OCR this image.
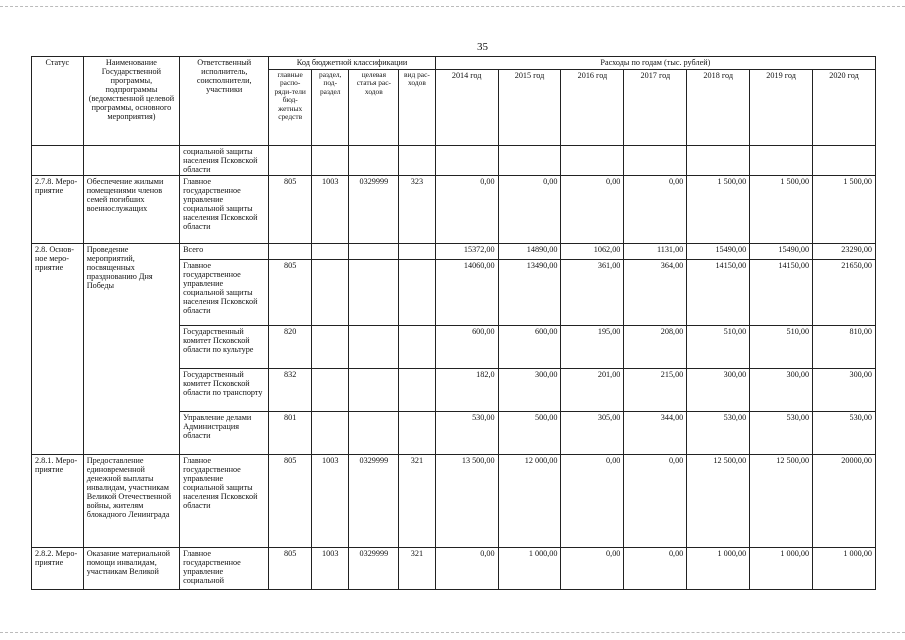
35
Статус	Наименование Государственной программы, подпрограммы (ведомственной целевой программы, основного мероприятия)	Ответственный исполнитель, соисполнители, участники	Код бюджетной классификации				Расходы по годам (тыс. рублей)						
			главные распо-ряди-тели бюд-жетных средств	раздел, под-раздел	целевая статья рас-ходов	вид рас-ходов	2014 год	2015 год	2016 год	2017 год	2018 год	2019 год	2020 год
		социальной защиты населения Псковской области											
2.7.8. Меро-приятие	Обеспечение жилыми помещениями членов семей погибших военнослужащих	Главное государственное управление социальной защиты населения Псковской области	805	1003	0329999	323	0,00	0,00	0,00	0,00	1 500,00	1 500,00	1 500,00
2.8. Основ-ное меро-приятие	Проведение мероприятий, посвященных празднованию Дня Победы	Всего					15372,00	14890,00	1062,00	1131,00	15490,00	15490,00	23290,00
		Главное государственное управление социальной защиты населения Псковской области	805				14060,00	13490,00	361,00	364,00	14150,00	14150,00	21650,00
		Государственный комитет Псковской области по культуре	820				600,00	600,00	195,00	208,00	510,00	510,00	810,00
		Государственный комитет Псковской области по транспорту	832				182,0	300,00	201,00	215,00	300,00	300,00	300,00
		Управление делами Администрация области	801				530,00	500,00	305,00	344,00	530,00	530,00	530,00
2.8.1. Меро-приятие	Предоставление единовременной денежной выплаты инвалидам, участникам Великой Отечественной войны, жителям блокадного Ленинграда	Главное государственное управление социальной защиты населения Псковской области	805	1003	0329999	321	13 500,00	12 000,00	0,00	0,00	12 500,00	12 500,00	20000,00
2.8.2. Меро-приятие	Оказание материальной помощи инвалидам, участникам Великой	Главное государственное управление социальной	805	1003	0329999	321	0,00	1 000,00	0,00	0,00	1 000,00	1 000,00	1 000,00
